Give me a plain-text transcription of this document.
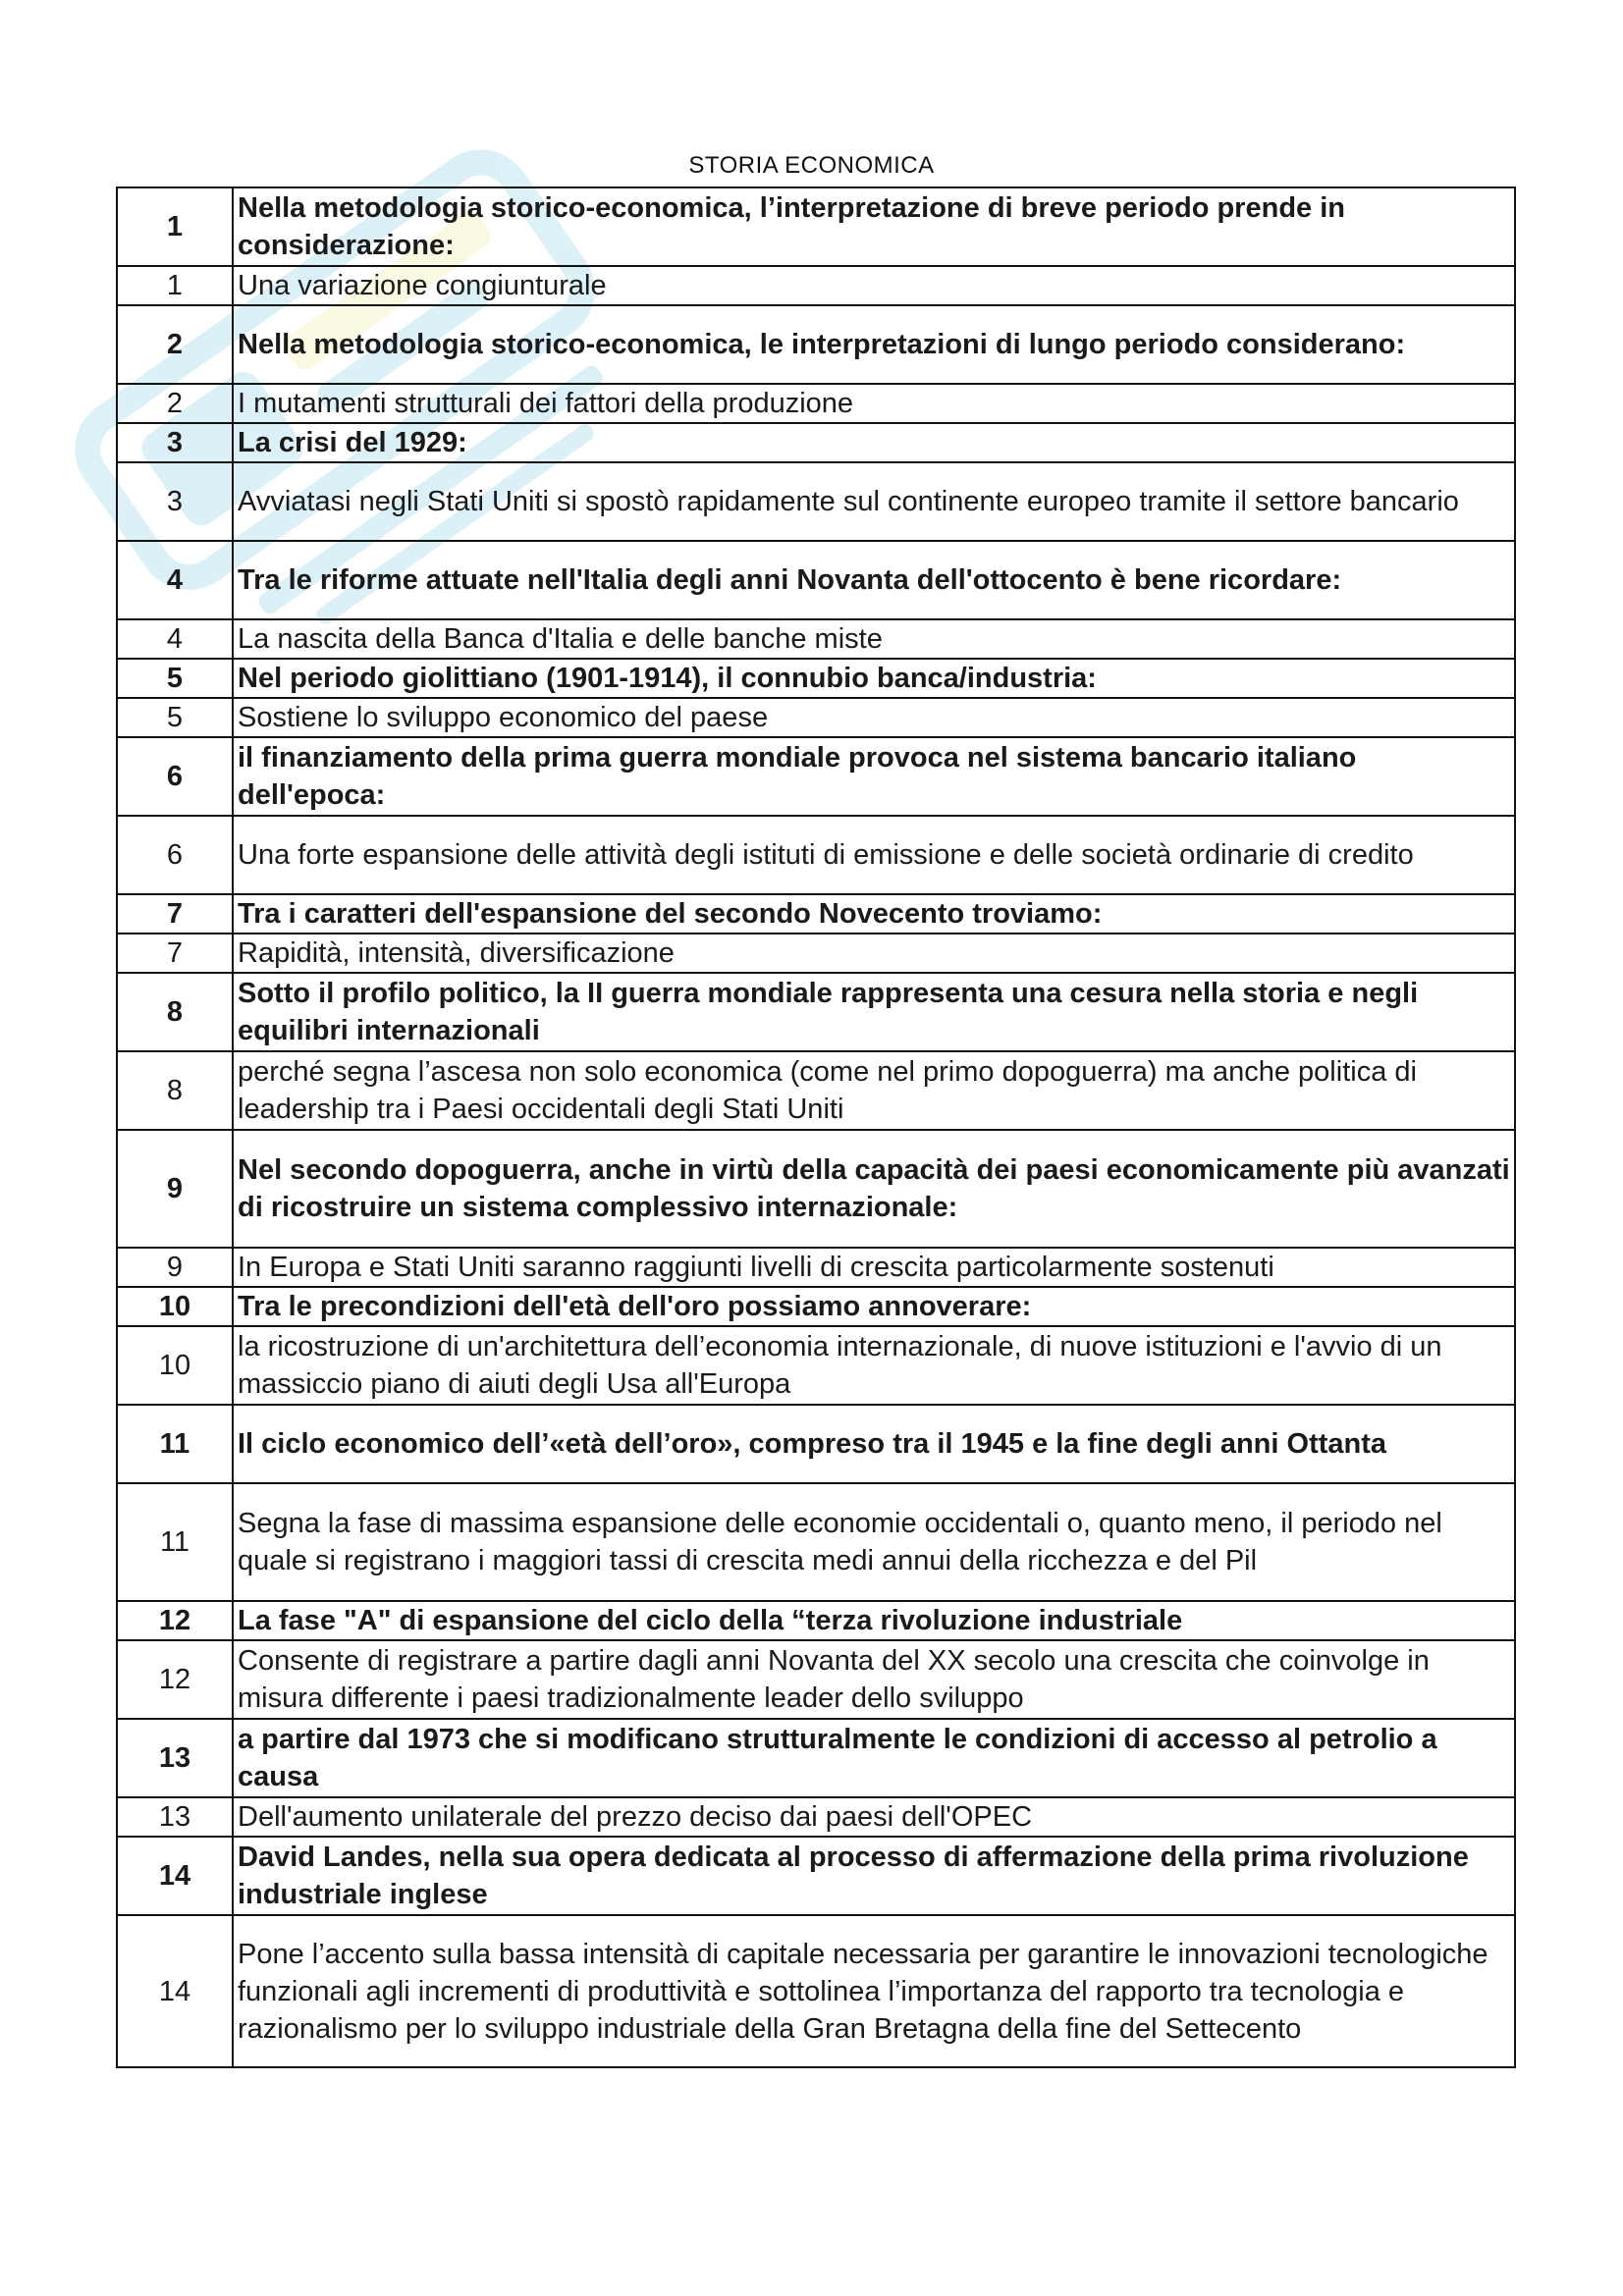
STORIA ECONOMICA
1	Nella metodologia storico-economica, l’interpretazione di breve periodo prende in considerazione:
1	Una variazione congiunturale
2	Nella metodologia storico-economica, le interpretazioni di lungo periodo considerano:
2	I mutamenti strutturali dei fattori della produzione
3	La crisi del 1929:
3	Avviatasi negli Stati Uniti si spostò rapidamente sul continente europeo tramite il settore bancario
4	Tra le riforme attuate nell'Italia degli anni Novanta dell'ottocento è bene ricordare:
4	La nascita della Banca d'Italia e delle banche miste
5	Nel periodo giolittiano (1901-1914), il connubio banca/industria:
5	Sostiene lo sviluppo economico del paese
6	il finanziamento della prima guerra mondiale provoca nel sistema bancario italiano dell'epoca:
6	Una forte espansione delle attività degli istituti di emissione e delle società ordinarie di credito
7	Tra i caratteri dell'espansione del secondo Novecento troviamo:
7	Rapidità, intensità, diversificazione
8	Sotto il profilo politico, la II guerra mondiale rappresenta una cesura nella storia e negli equilibri internazionali
8	perché segna l’ascesa non solo economica (come nel primo dopoguerra) ma anche politica di leadership tra i Paesi occidentali degli Stati Uniti
9	Nel secondo dopoguerra, anche in virtù della capacità dei paesi economicamente più avanzati di ricostruire un sistema complessivo internazionale:
9	In Europa e Stati Uniti saranno raggiunti livelli di crescita particolarmente sostenuti
10	Tra le precondizioni dell'età dell'oro possiamo annoverare:
10	la ricostruzione di un'architettura dell’economia internazionale, di nuove istituzioni e l'avvio di un massiccio piano di aiuti degli Usa all'Europa
11	Il ciclo economico dell’«età dell’oro», compreso tra il 1945 e la fine degli anni Ottanta
11	Segna la fase di massima espansione delle economie occidentali o, quanto meno, il periodo nel quale si registrano i maggiori tassi di crescita medi annui della ricchezza e del Pil
12	La fase "A" di espansione del ciclo della “terza rivoluzione industriale
12	Consente di registrare a partire dagli anni Novanta del XX secolo una crescita che coinvolge in misura differente i paesi tradizionalmente leader dello sviluppo
13	a partire dal 1973 che si modificano strutturalmente le condizioni di accesso al petrolio a causa
13	Dell'aumento unilaterale del prezzo deciso dai paesi dell'OPEC
14	David Landes, nella sua opera dedicata al processo di affermazione della prima rivoluzione industriale inglese
14	Pone l’accento sulla bassa intensità di capitale necessaria per garantire le innovazioni tecnologiche funzionali agli incrementi di produttività e sottolinea l’importanza del rapporto tra tecnologia e razionalismo per lo sviluppo industriale della Gran Bretagna della fine del Settecento
